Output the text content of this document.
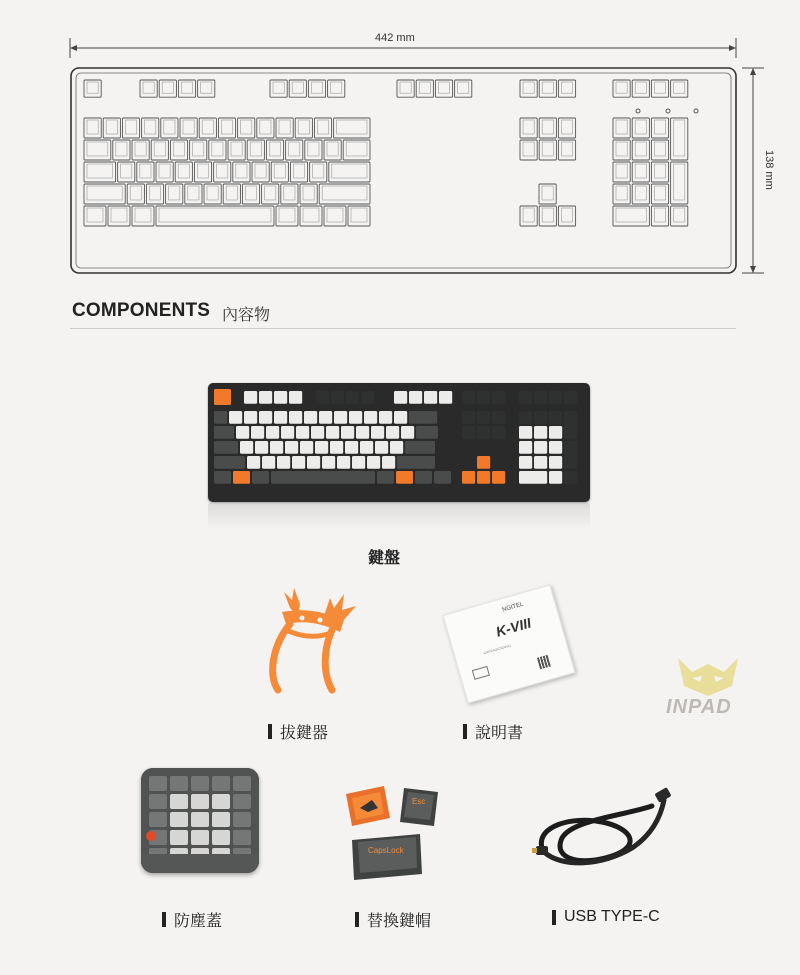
442 mm
138 mm
COMPONENTS 內容物
鍵盤
拔鍵器
NGITEL
K-VIII
▭▭▭▭▭▭
說明書
INPAD
防塵蓋
Esc
CapsLock
替換鍵帽	USB TYPE-C
